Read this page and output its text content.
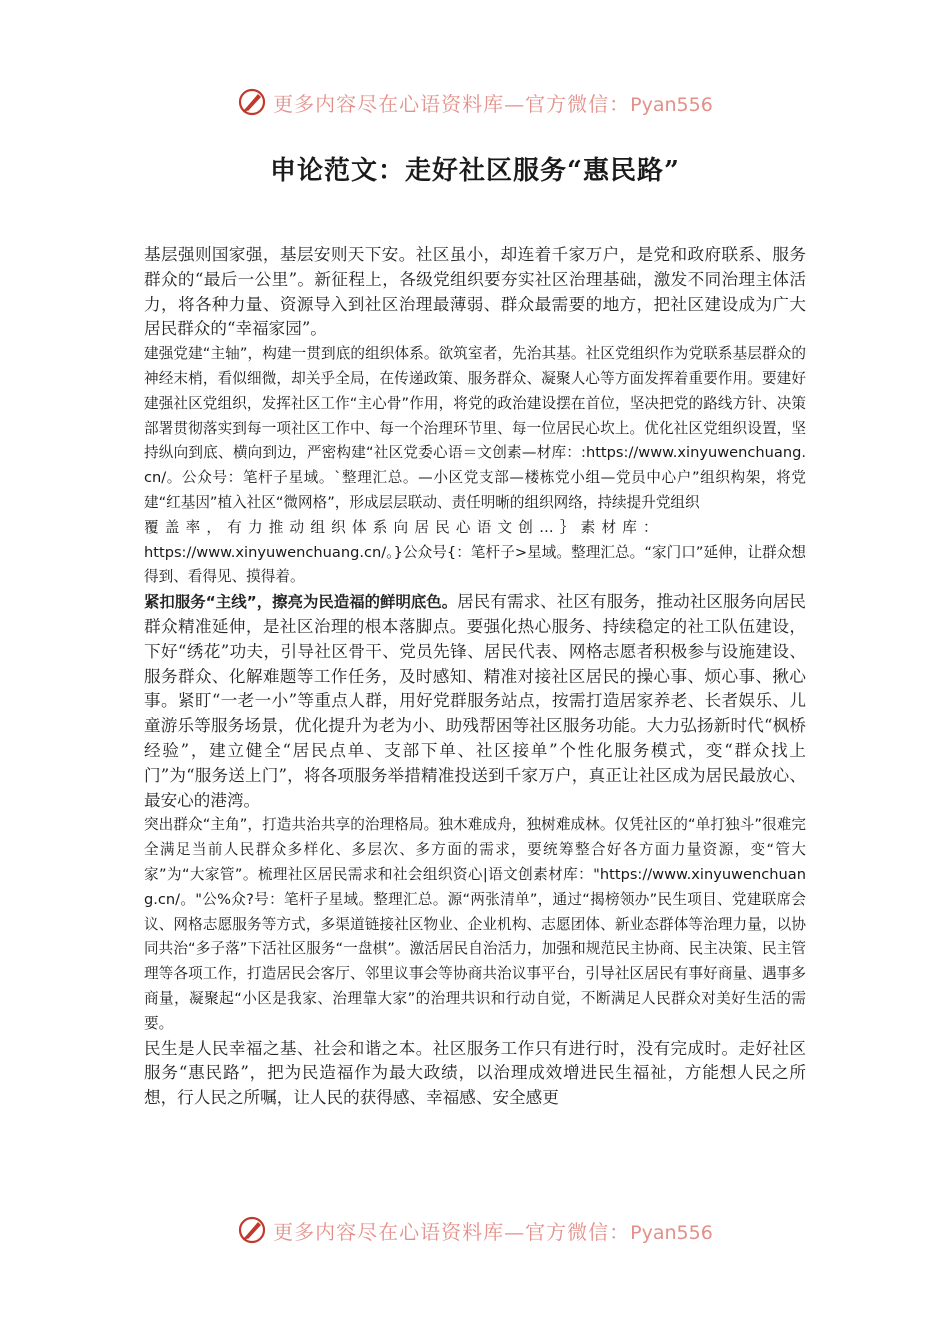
更多内容尽在心语资料库—官方微信：Pyan556
申论范文：走好社区服务“惠民路”

基层强则国家强，基层安则天下安。社区虽小，却连着千家万户，是党和政府联系、服务群众的“最后一公里”。新征程上，各级党组织要夯实社区治理基础，激发不同治理主体活力，将各种力量、资源导入到社区治理最薄弱、群众最需要的地方，把社区建设成为广大居民群众的“幸福家园”。

建强党建“主轴”，构建一贯到底的组织体系。欲筑室者，先治其基。社区党组织作为党联系基层群众的神经末梢，看似细微，却关乎全局，在传递政策、服务群众、凝聚人心等方面发挥着重要作用。要建好建强社区党组织，发挥社区工作“主心骨”作用，将党的政治建设摆在首位，坚决把党的路线方针、决策部署贯彻落实到每一项社区工作中、每一个治理环节里、每一位居民心坎上。优化社区党组织设置，坚持纵向到底、横向到边，严密构建“社区党委心语＝文创素—材库：:https://www.xinyuwenchuang.cn/。公众号：笔杆子星域。`整理汇总。—小区党支部—楼栋党小组—党员中心户”组织构架，将党建“红基因”植入社区“微网格”，形成层层联动、责任明晰的组织网络，持续提升党组织

覆盖率，有力推动组织体系向居民心语文创…｝素材库：

https://www.xinyuwenchuang.cn/。}公众号{：笔杆子>星域。整理汇总。“家门口”延伸，让群众想得到、看得见、摸得着。

紧扣服务“主线”，擦亮为民造福的鲜明底色。居民有需求、社区有服务，推动社区服务向居民群众精准延伸，是社区治理的根本落脚点。要强化热心服务、持续稳定的社工队伍建设，下好“绣花”功夫，引导社区骨干、党员先锋、居民代表、网格志愿者积极参与设施建设、服务群众、化解难题等工作任务，及时感知、精准对接社区居民的操心事、烦心事、揪心事。紧盯“一老一小”等重点人群，用好党群服务站点，按需打造居家养老、长者娱乐、儿童游乐等服务场景，优化提升为老为小、助残帮困等社区服务功能。大力弘扬新时代“枫桥经验”，建立健全“居民点单、支部下单、社区接单”个性化服务模式，变“群众找上门”为“服务送上门”，将各项服务举措精准投送到千家万户，真正让社区成为居民最放心、最安心的港湾。

突出群众“主角”，打造共治共享的治理格局。独木难成舟，独树难成林。仅凭社区的“单打独斗”很难完全满足当前人民群众多样化、多层次、多方面的需求，要统筹整合好各方面力量资源，变“管大家”为“大家管”。梳理社区居民需求和社会组织资心|语文创素材库："https://www.xinyuwenchuang.cn/。"公%众?号：笔杆子星域。整理汇总。源“两张清单”，通过“揭榜领办”民生项目、党建联席会议、网格志愿服务等方式，多渠道链接社区物业、企业机构、志愿团体、新业态群体等治理力量，以协同共治“多子落”下活社区服务“一盘棋”。激活居民自治活力，加强和规范民主协商、民主决策、民主管理等各项工作，打造居民会客厅、邻里议事会等协商共治议事平台，引导社区居民有事好商量、遇事多商量，凝聚起“小区是我家、治理靠大家”的治理共识和行动自觉，不断满足人民群众对美好生活的需要。

民生是人民幸福之基、社会和谐之本。社区服务工作只有进行时，没有完成时。走好社区服务“惠民路”，把为民造福作为最大政绩，以治理成效增进民生福祉，方能想人民之所想，行人民之所嘱，让人民的获得感、幸福感、安全感更

更多内容尽在心语资料库—官方微信：Pyan556
